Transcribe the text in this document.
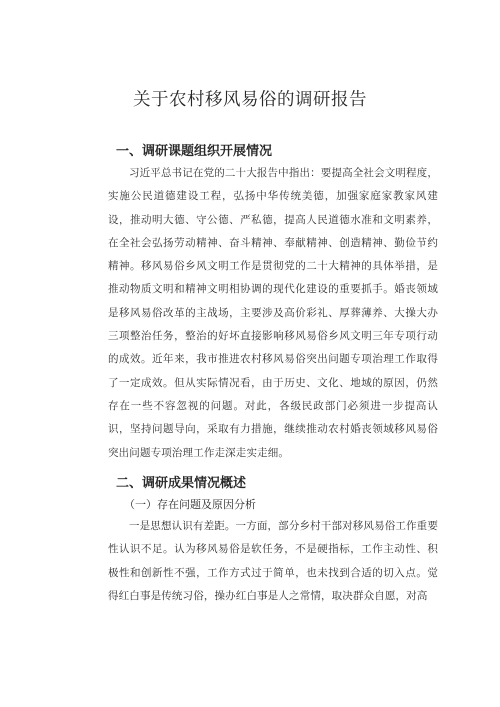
关于农村移风易俗的调研报告
一、调研课题组织开展情况
习近平总书记在党的二十大报告中指出：要提高全社会文明程度，实施公民道德建设工程，弘扬中华传统美德，加强家庭家教家风建设，推动明大德、守公德、严私德，提高人民道德水准和文明素养，在全社会弘扬劳动精神、奋斗精神、奉献精神、创造精神、勤俭节约精神。移风易俗乡风文明工作是贯彻党的二十大精神的具体举措，是推动物质文明和精神文明相协调的现代化建设的重要抓手。婚丧领域是移风易俗改革的主战场，主要涉及高价彩礼、厚葬薄养、大操大办三项整治任务，整治的好坏直接影响移风易俗乡风文明三年专项行动的成效。近年来，我市推进农村移风易俗突出问题专项治理工作取得了一定成效。但从实际情况看，由于历史、文化、地域的原因，仍然存在一些不容忽视的问题。对此，各级民政部门必须进一步提高认识，坚持问题导向，采取有力措施，继续推动农村婚丧领域移风易俗突出问题专项治理工作走深走实走细。
二、调研成果情况概述
（一）存在问题及原因分析
一是思想认识有差距。一方面，部分乡村干部对移风易俗工作重要性认识不足。认为移风易俗是软任务，不是硬指标，工作主动性、积极性和创新性不强，工作方式过于简单，也未找到合适的切入点。觉得红白事是传统习俗，操办红白事是人之常情，取决群众自愿，对高
